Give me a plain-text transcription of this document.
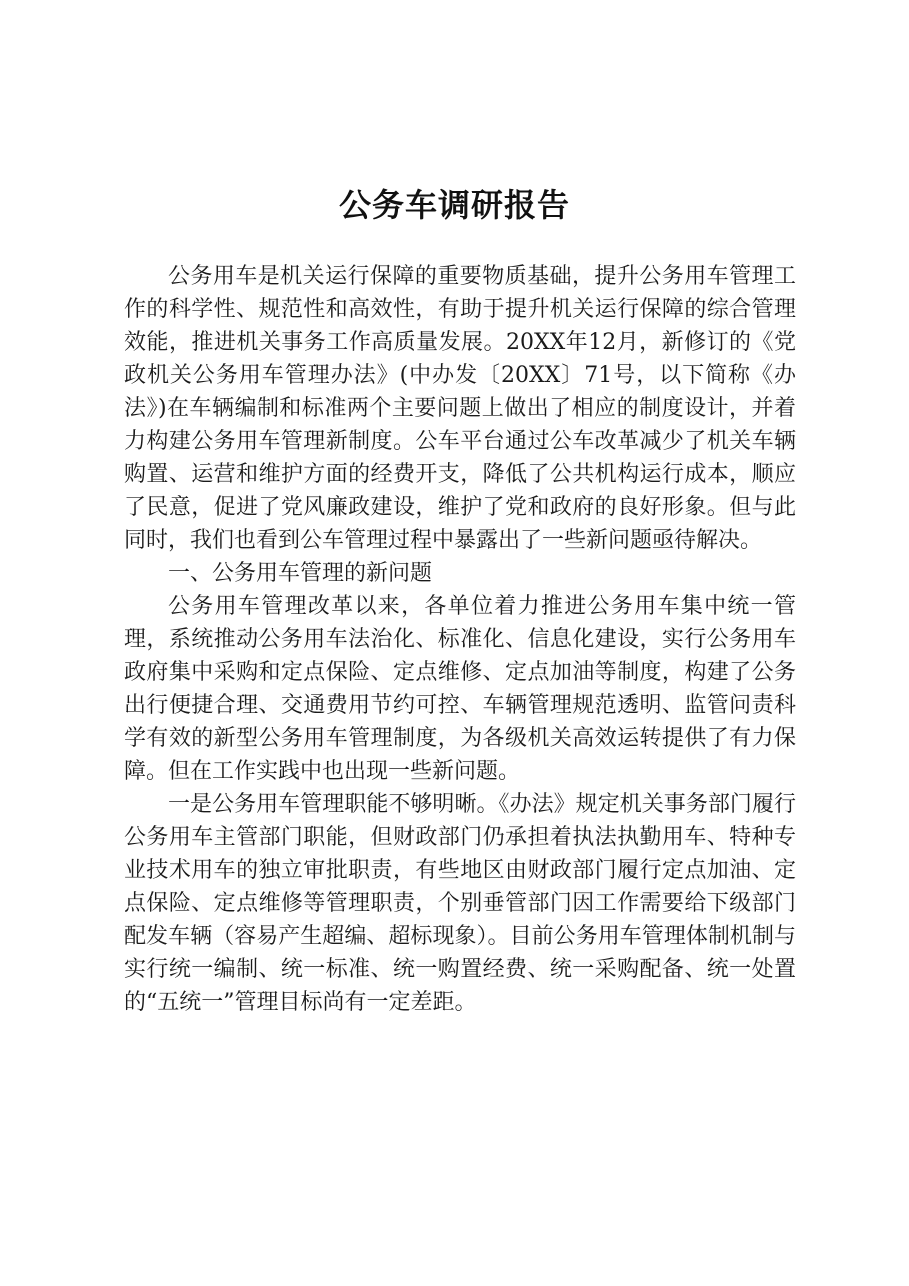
公务车调研报告

公务用车是机关运行保障的重要物质基础，提升公务用车管理工作的科学性、规范性和高效性，有助于提升机关运行保障的综合管理效能，推进机关事务工作高质量发展。20XX年12月，新修订的《党政机关公务用车管理办法》(中办发〔20XX〕71号，以下简称《办法》)在车辆编制和标准两个主要问题上做出了相应的制度设计，并着力构建公务用车管理新制度。公车平台通过公车改革减少了机关车辆购置、运营和维护方面的经费开支，降低了公共机构运行成本，顺应了民意，促进了党风廉政建设，维护了党和政府的良好形象。但与此同时，我们也看到公车管理过程中暴露出了一些新问题亟待解决。

一、公务用车管理的新问题

公务用车管理改革以来，各单位着力推进公务用车集中统一管理，系统推动公务用车法治化、标准化、信息化建设，实行公务用车政府集中采购和定点保险、定点维修、定点加油等制度，构建了公务出行便捷合理、交通费用节约可控、车辆管理规范透明、监管问责科学有效的新型公务用车管理制度，为各级机关高效运转提供了有力保障。但在工作实践中也出现一些新问题。

一是公务用车管理职能不够明晰。《办法》规定机关事务部门履行公务用车主管部门职能，但财政部门仍承担着执法执勤用车、特种专业技术用车的独立审批职责，有些地区由财政部门履行定点加油、定点保险、定点维修等管理职责，个别垂管部门因工作需要给下级部门配发车辆（容易产生超编、超标现象）。目前公务用车管理体制机制与实行统一编制、统一标准、统一购置经费、统一采购配备、统一处置的“五统一”管理目标尚有一定差距。
